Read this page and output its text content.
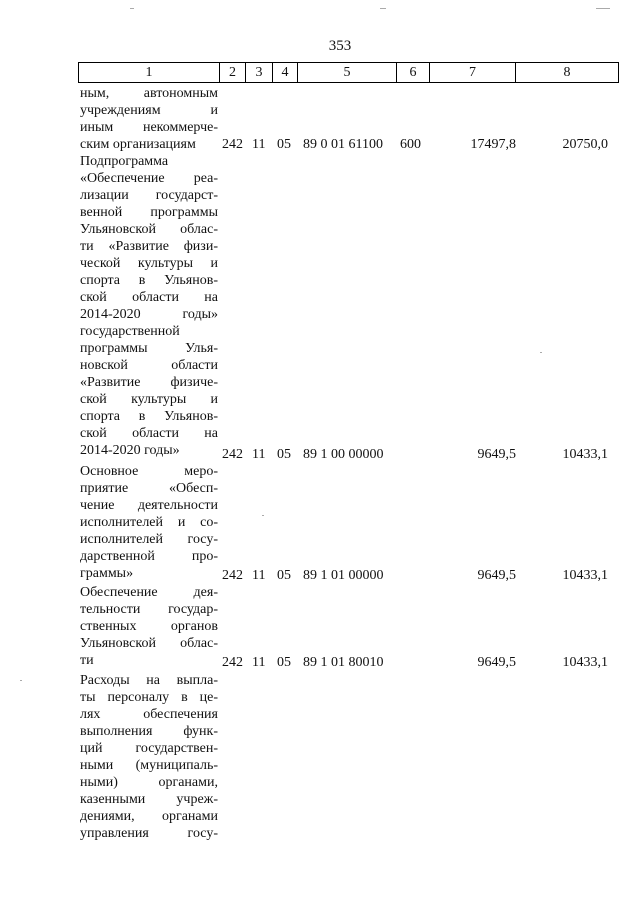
353
1	2	3	4	5	6	7	8
ным, автономным
учреждениям и
иным некоммерче-
ским организациям	242 11 05 89 0 01 61100 600	17497,8	20750,0
Подпрограмма
«Обеспечение реа-
лизации государст-
венной программы
Ульяновской облас-
ти «Развитие физи-
ческой культуры и
спорта в Ульянов-
ской области на
2014-2020 годы»
государственной
программы Улья-
новской области
«Развитие физиче-
ской культуры и
спорта в Ульянов-
ской области на
2014-2020 годы»	242 11 05 89 1 00 00000	9649,5	10433,1
Основное меро-
приятие «Обесп-
чение деятельности
исполнителей и со-
исполнителей госу-
дарственной про-
граммы»	242 11 05 89 1 01 00000	9649,5	10433,1
Обеспечение дея-
тельности государ-
ственных органов
Ульяновской облас-
ти	242 11 05 89 1 01 80010	9649,5	10433,1
Расходы на выпла-
ты персоналу в це-
лях обеспечения
выполнения функ-
ций государствен-
ными (муниципаль-
ными) органами,
казенными учреж-
дениями, органами
управления госу-
